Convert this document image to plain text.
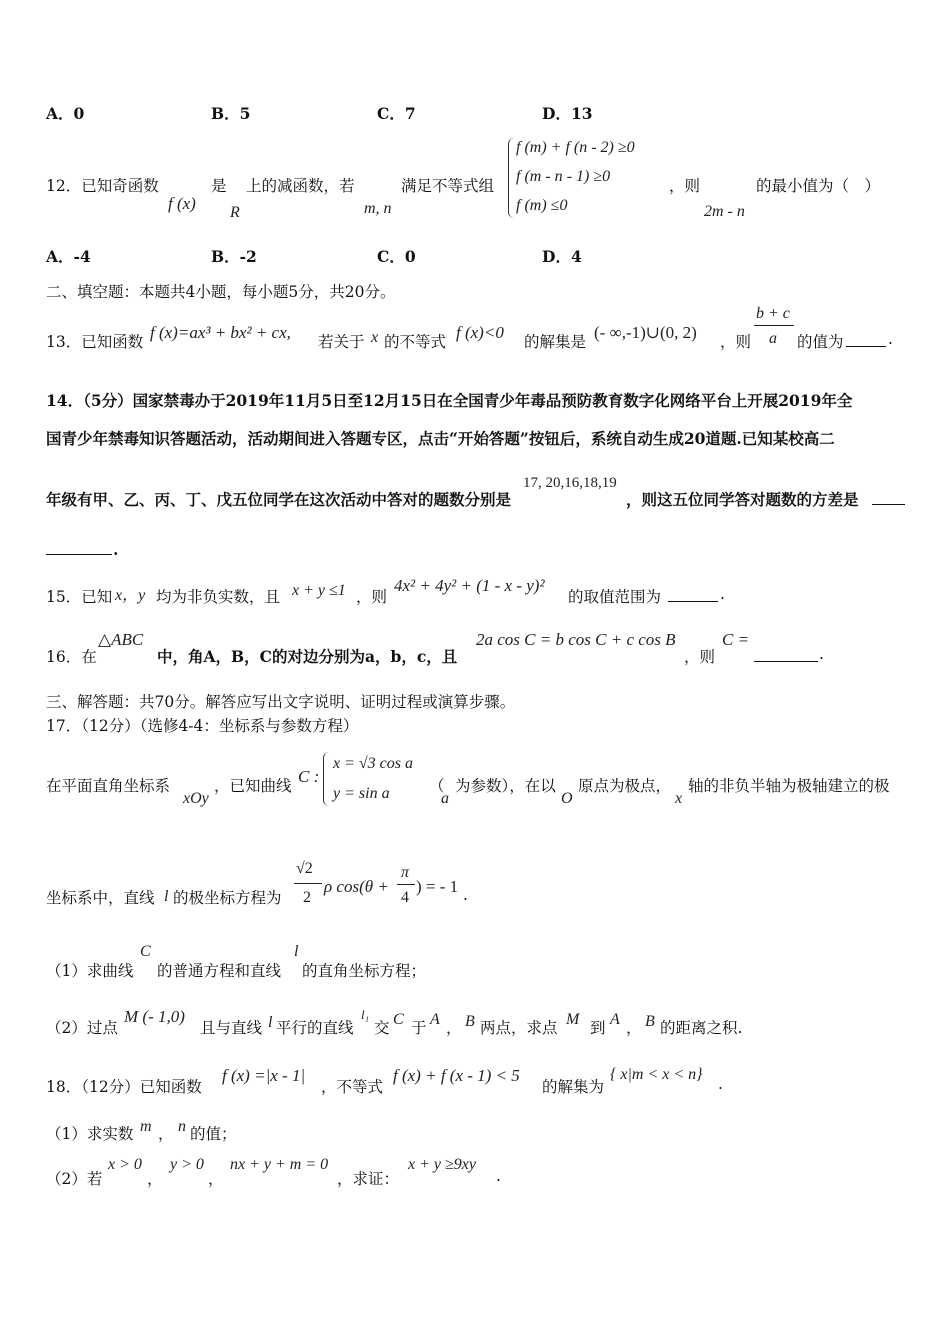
A．0	B．5	C．7	D．13
12．已知奇函数	是 上的减函数，若	满足不等式组	，则	的最小值为（　）
f (x) R	m, n
f (m) + f (n - 2) ≥0
f (m - n - 1) ≥0
f (m) ≤0	2m - n
A．-4	B．-2	C．0	D．4
二、填空题：本题共4小题，每小题5分，共20分。
13．已知函数 f (x)=ax³ + bx² + cx, 若关于 x 的不等式 f (x)<0 的解集是 (- ∞,-1)∪(0, 2) ，则
b + c
a 的值为	.
14．（5分）国家禁毒办于2019年11月5日至12月15日在全国青少年毒品预防教育数字化网络平台上开展2019年全
国青少年禁毒知识答题活动，活动期间进入答题专区，点击“开始答题”按钮后，系统自动生成20道题.已知某校高二
年级有甲、乙、丙、丁、戊五位同学在这次活动中答对的题数分别是
17, 20,16,18,19
，则这五位同学答对题数的方差是
.
15．已知 x，y 均为非负实数，且 x + y ≤1 ，则
4x² + 4y² + (1 - x - y)²
的取值范围为	.
16．在
△ABC
中，角A，B，C的对边分别为a，b，c，且
2a cos C = b cos C + c cos B
，则
C =
.
三、解答题：共70分。解答应写出文字说明、证明过程或演算步骤。
17．（12分）（选修4-4：坐标系与参数方程）
在平面直角坐标系
xOy
，已知曲线 C :
x = √3 cos a
y = sin a	（
a
为参数），在以
O
原点为极点，
x
轴的非负半轴为极轴建立的极
坐标系中，直线 l 的极坐标方程为
√2
2
ρ cos(θ +
π
4
) = - 1 .
（1）求曲线
C
的普通方程和直线
l
的直角坐标方程；
（2）过点
M (- 1,0)
且与直线 l 平行的直线
l₁
交 C 于 A ， B 两点，求点 M 到 A ， B 的距离之积.
18．（12分）已知函数
f (x) =|x - 1|
，不等式
f (x) + f (x - 1) < 5
的解集为
{ x|m < x < n}
.
（1）求实数 m ， n 的值；
（2）若
x > 0
，
y > 0
，
nx + y + m = 0
，求证：
x + y ≥9xy
.
